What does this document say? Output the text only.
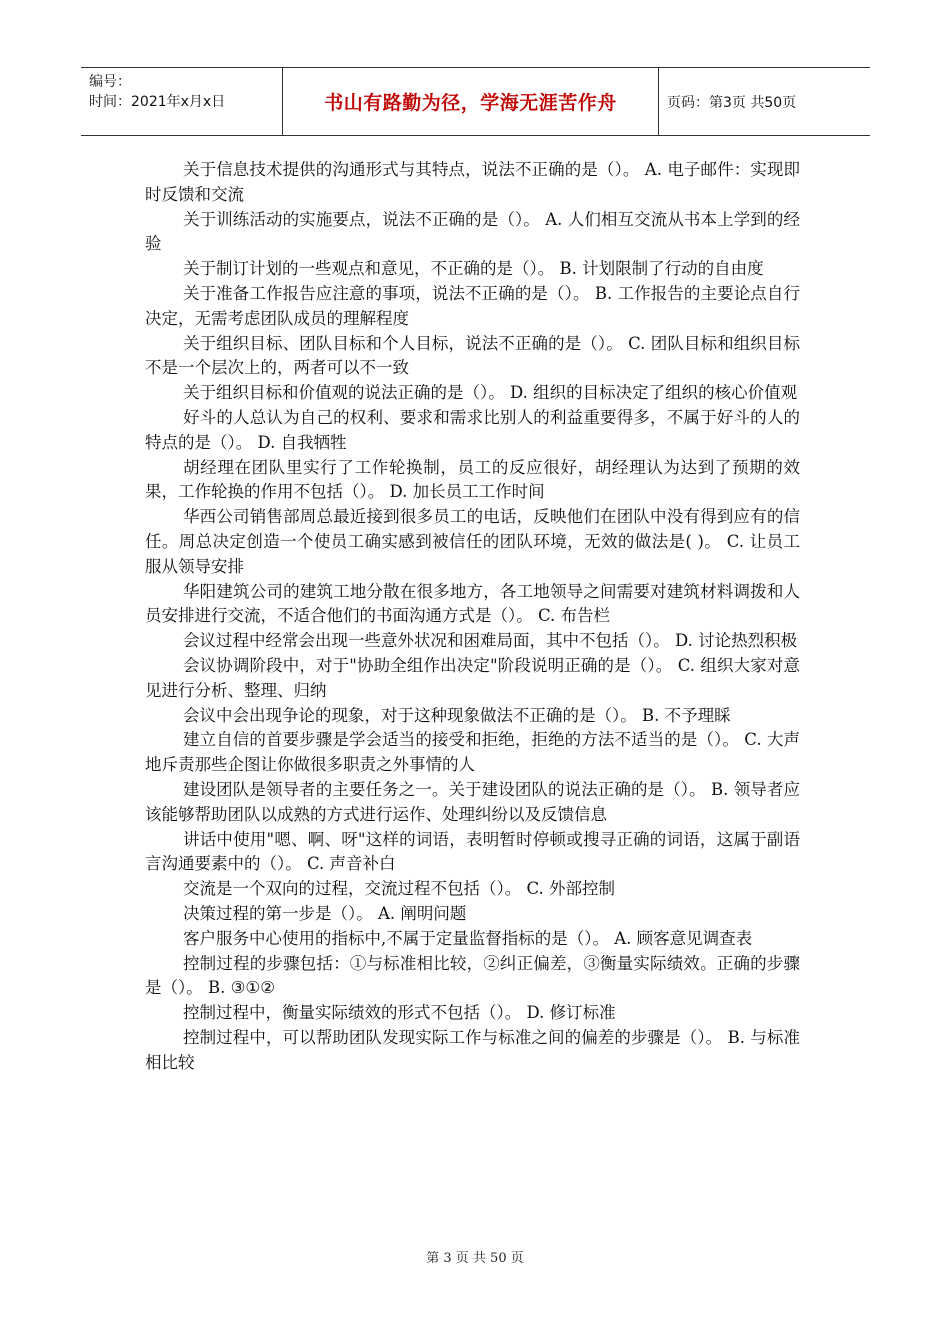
编号：
时间：2021年x月x日	书山有路勤为径，学海无涯苦作舟	页码：第3页 共50页

关于信息技术提供的沟通形式与其特点，说法不正确的是（）。 A. 电子邮件：实现即时反馈和交流

关于训练活动的实施要点，说法不正确的是（）。 A. 人们相互交流从书本上学到的经验

关于制订计划的一些观点和意见，不正确的是（）。 B. 计划限制了行动的自由度

关于准备工作报告应注意的事项，说法不正确的是（）。 B. 工作报告的主要论点自行决定，无需考虑团队成员的理解程度

关于组织目标、团队目标和个人目标，说法不正确的是（）。 C. 团队目标和组织目标不是一个层次上的，两者可以不一致

关于组织目标和价值观的说法正确的是（）。 D. 组织的目标决定了组织的核心价值观

好斗的人总认为自己的权利、要求和需求比别人的利益重要得多，不属于好斗的人的特点的是（）。 D. 自我牺牲

胡经理在团队里实行了工作轮换制，员工的反应很好，胡经理认为达到了预期的效果，工作轮换的作用不包括（）。 D. 加长员工工作时间

华西公司销售部周总最近接到很多员工的电话，反映他们在团队中没有得到应有的信任。周总决定创造一个使员工确实感到被信任的团队环境，无效的做法是( )。 C. 让员工服从领导安排

华阳建筑公司的建筑工地分散在很多地方，各工地领导之间需要对建筑材料调拨和人员安排进行交流，不适合他们的书面沟通方式是（）。 C. 布告栏

会议过程中经常会出现一些意外状况和困难局面，其中不包括（）。 D. 讨论热烈积极

会议协调阶段中，对于"协助全组作出决定"阶段说明正确的是（）。 C. 组织大家对意见进行分析、整理、归纳

会议中会出现争论的现象，对于这种现象做法不正确的是（）。 B. 不予理睬

建立自信的首要步骤是学会适当的接受和拒绝，拒绝的方法不适当的是（）。 C. 大声地斥责那些企图让你做很多职责之外事情的人

建设团队是领导者的主要任务之一。关于建设团队的说法正确的是（）。 B. 领导者应该能够帮助团队以成熟的方式进行运作、处理纠纷以及反馈信息

讲话中使用"嗯、啊、呀"这样的词语，表明暂时停顿或搜寻正确的词语，这属于副语言沟通要素中的（）。 C. 声音补白

交流是一个双向的过程，交流过程不包括（）。 C. 外部控制

决策过程的第一步是（）。 A. 阐明问题

客户服务中心使用的指标中,不属于定量监督指标的是（）。 A. 顾客意见调查表

控制过程的步骤包括：①与标准相比较，②纠正偏差，③衡量实际绩效。正确的步骤是（）。 B. ③①②

控制过程中，衡量实际绩效的形式不包括（）。 D. 修订标准

控制过程中，可以帮助团队发现实际工作与标准之间的偏差的步骤是（）。 B. 与标准相比较

第 3 页 共 50 页
